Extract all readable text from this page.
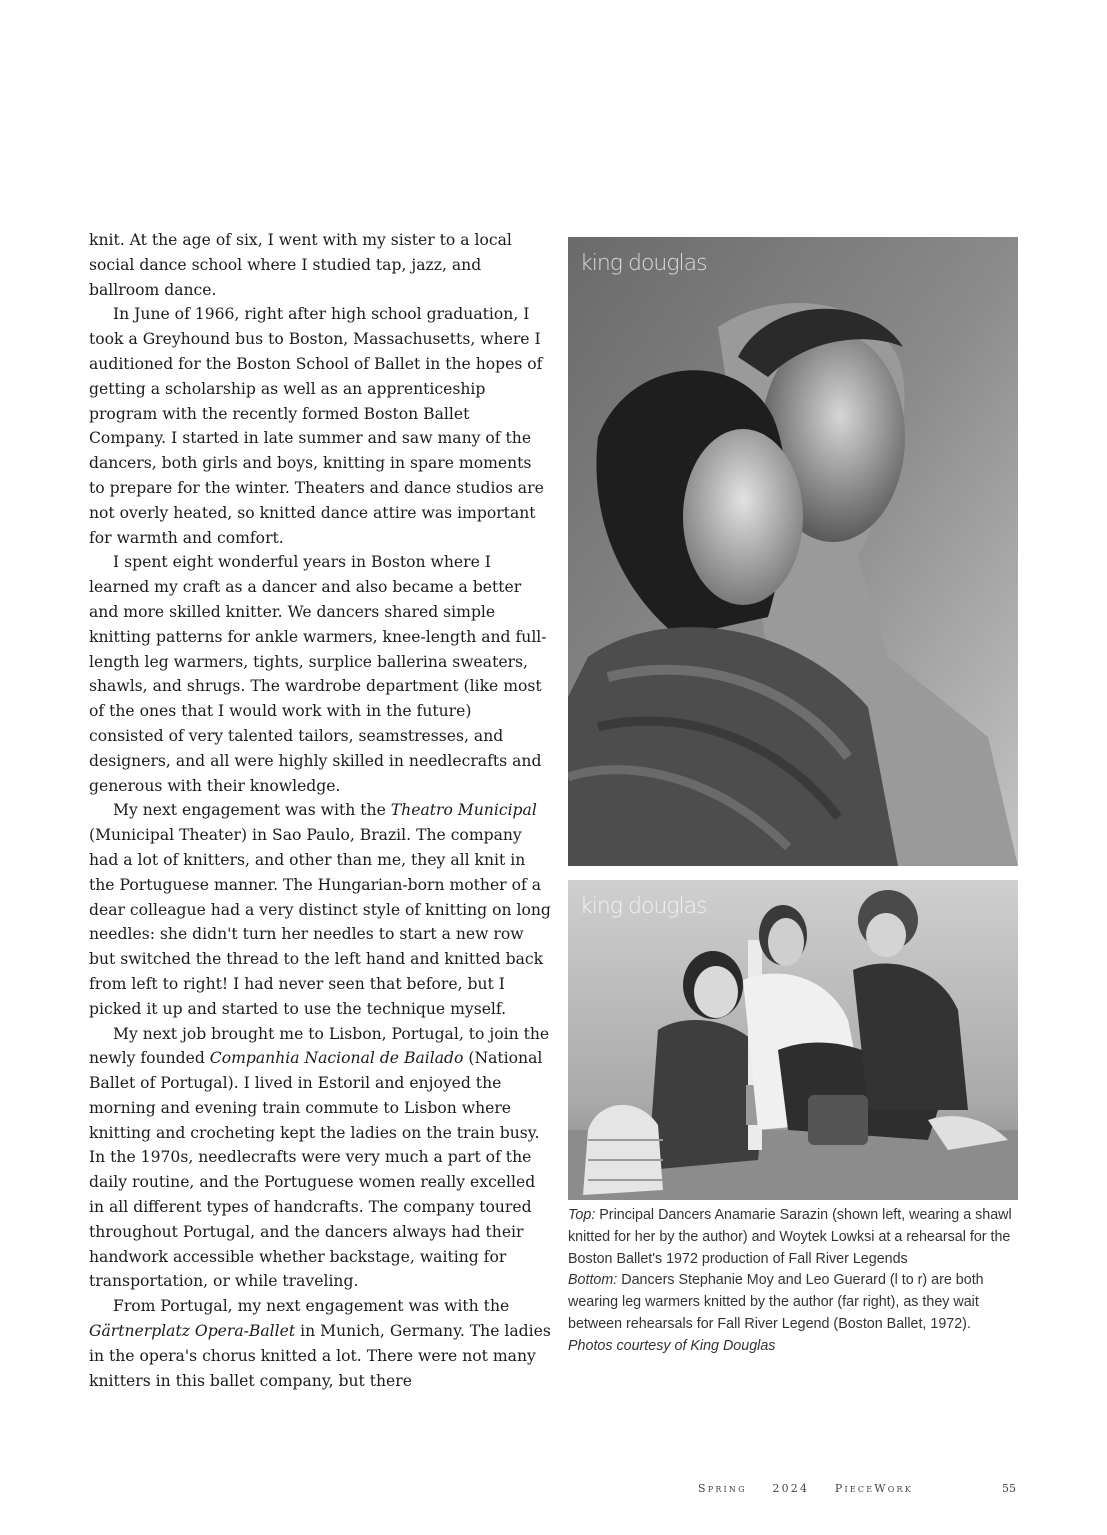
knit. At the age of six, I went with my sister to a local social dance school where I studied tap, jazz, and ballroom dance.

In June of 1966, right after high school graduation, I took a Greyhound bus to Boston, Massachusetts, where I auditioned for the Boston School of Ballet in the hopes of getting a scholarship as well as an apprenticeship program with the recently formed Boston Ballet Company. I started in late summer and saw many of the dancers, both girls and boys, knitting in spare moments to prepare for the winter. Theaters and dance studios are not overly heated, so knitted dance attire was important for warmth and comfort.

I spent eight wonderful years in Boston where I learned my craft as a dancer and also became a better and more skilled knitter. We dancers shared simple knitting patterns for ankle warmers, knee-length and full-length leg warmers, tights, surplice ballerina sweaters, shawls, and shrugs. The wardrobe department (like most of the ones that I would work with in the future) consisted of very talented tailors, seamstresses, and designers, and all were highly skilled in needlecrafts and generous with their knowledge.

My next engagement was with the Theatro Municipal (Municipal Theater) in Sao Paulo, Brazil. The company had a lot of knitters, and other than me, they all knit in the Portuguese manner. The Hungarian-born mother of a dear colleague had a very distinct style of knitting on long needles: she didn't turn her needles to start a new row but switched the thread to the left hand and knitted back from left to right! I had never seen that before, but I picked it up and started to use the technique myself.

My next job brought me to Lisbon, Portugal, to join the newly founded Companhia Nacional de Bailado (National Ballet of Portugal). I lived in Estoril and enjoyed the morning and evening train commute to Lisbon where knitting and crocheting kept the ladies on the train busy. In the 1970s, needlecrafts were very much a part of the daily routine, and the Portuguese women really excelled in all different types of handcrafts. The company toured throughout Portugal, and the dancers always had their handwork accessible whether backstage, waiting for transportation, or while traveling.

From Portugal, my next engagement was with the Gärtnerplatz Opera-Ballet in Munich, Germany. The ladies in the opera's chorus knitted a lot. There were not many knitters in this ballet company, but there

king douglas
king douglas

Top: Principal Dancers Anamarie Sarazin (shown left, wearing a shawl knitted for her by the author) and Woytek Lowksi at a rehearsal for the Boston Ballet's 1972 production of Fall River Legends

Bottom: Dancers Stephanie Moy and Leo Guerard (l to r) are both wearing leg warmers knitted by the author (far right), as they wait between rehearsals for Fall River Legend (Boston Ballet, 1972).

Photos courtesy of King Douglas

Spring 2024 PieceWork	55
